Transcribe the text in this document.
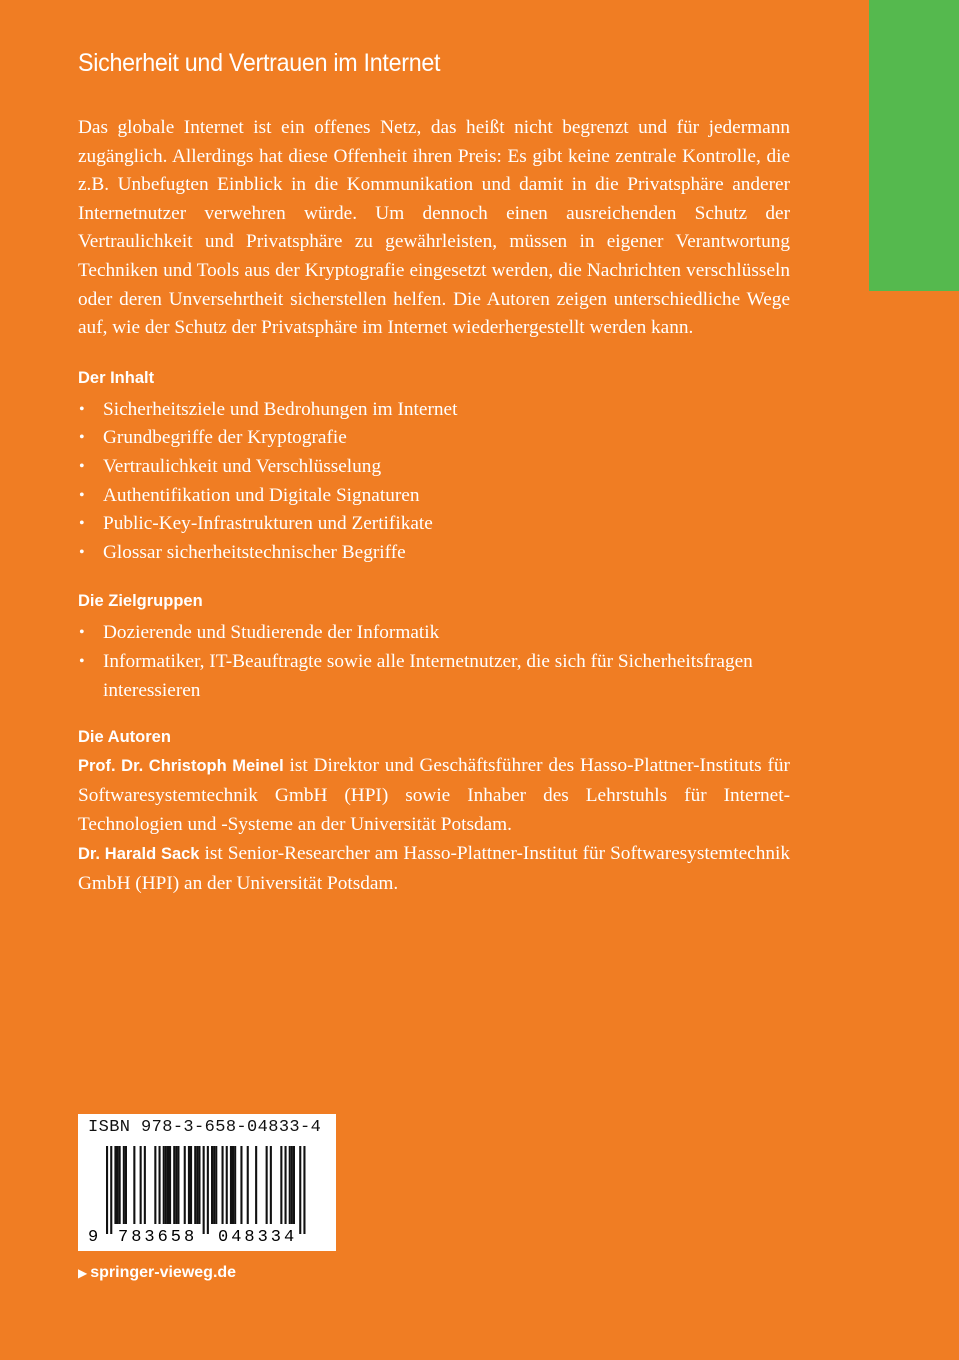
Sicherheit und Vertrauen im Internet

Das globale Internet ist ein offenes Netz, das heißt nicht begrenzt und für jedermann zugänglich. Allerdings hat diese Offenheit ihren Preis: Es gibt keine zentrale Kontrolle, die z.B. Unbefugten Einblick in die Kommunikation und damit in die Privatsphäre anderer Internetnutzer verwehren würde. Um dennoch einen ausreichenden Schutz der Vertraulichkeit und Privatsphäre zu gewährleisten, müssen in eigener Verantwortung Techniken und Tools aus der Kryptografie eingesetzt werden, die Nachrichten verschlüsseln oder deren Unversehrtheit sicherstellen helfen. Die Autoren zeigen unterschiedliche Wege auf, wie der Schutz der Privatsphäre im Internet wiederhergestellt werden kann.

Der Inhalt
• Sicherheitsziele und Bedrohungen im Internet
• Grundbegriffe der Kryptografie
• Vertraulichkeit und Verschlüsselung
• Authentifikation und Digitale Signaturen
• Public-Key-Infrastrukturen und Zertifikate
• Glossar sicherheitstechnischer Begriffe
Die Zielgruppen
• Dozierende und Studierende der Informatik
• Informatiker, IT-Beauftragte sowie alle Internetnutzer, die sich für Sicherheitsfragen interessieren
Die Autoren

Prof. Dr. Christoph Meinel ist Direktor und Geschäftsführer des Hasso-Plattner-Instituts für Softwaresystemtechnik GmbH (HPI) sowie Inhaber des Lehrstuhls für Internet-Technologien und -Systeme an der Universität Potsdam.
Dr. Harald Sack ist Senior-Researcher am Hasso-Plattner-Institut für Softwaresystemtechnik GmbH (HPI) an der Universität Potsdam.

ISBN 978-3-658-04833-4
9 783658 048334
▶ springer-vieweg.de
